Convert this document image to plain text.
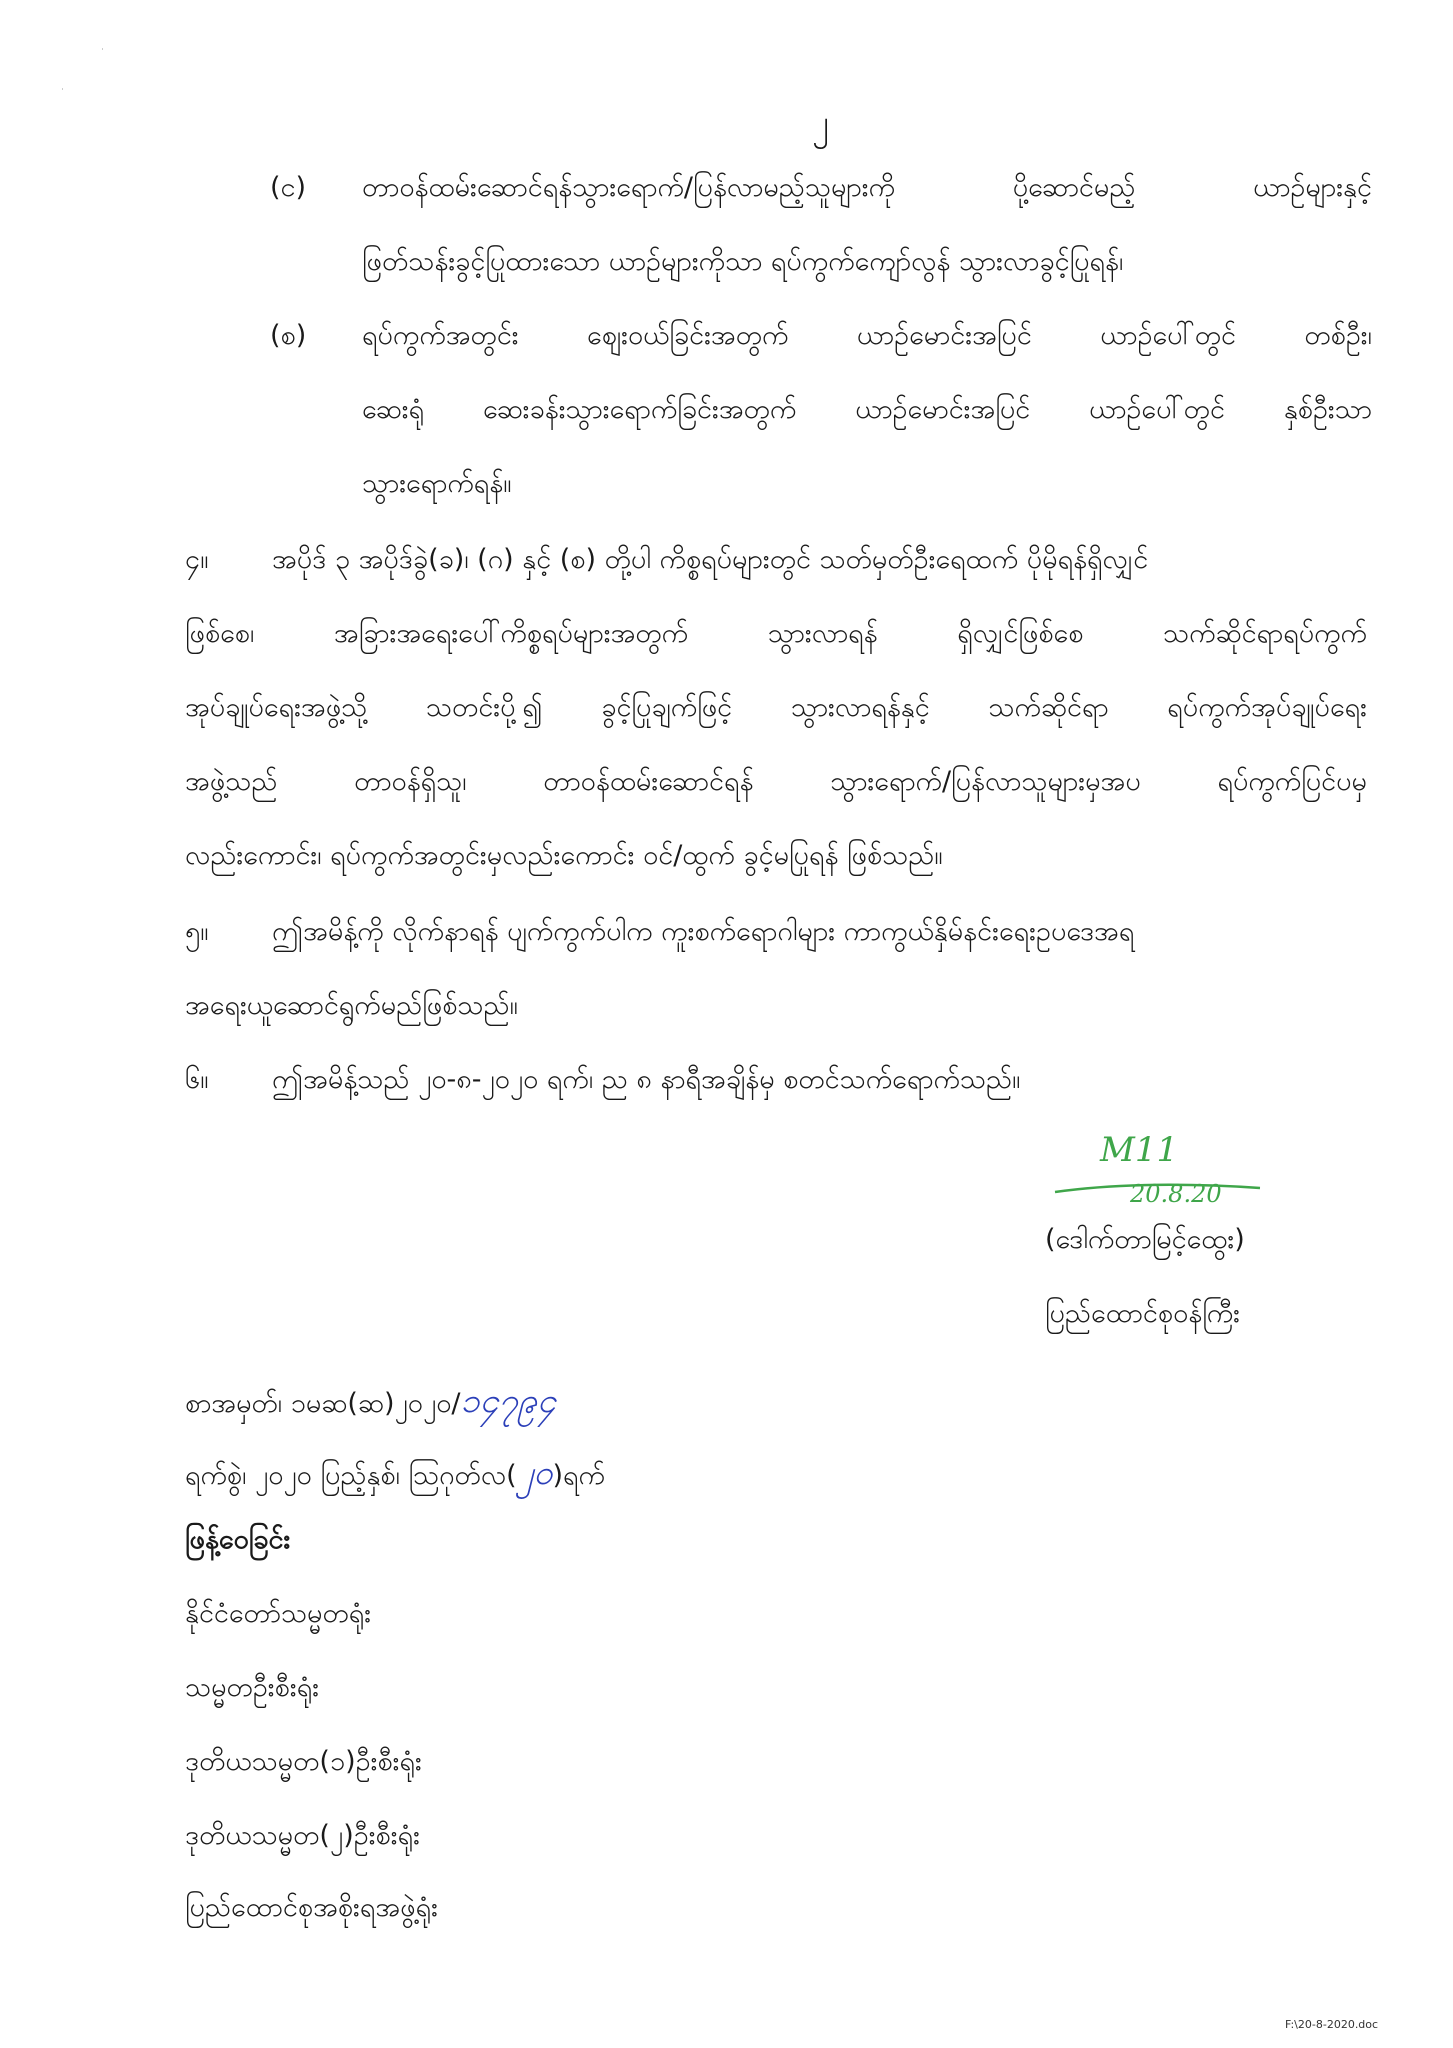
˙
˙
၂
(င) တာဝန်ထမ်းဆောင်ရန်သွားရောက်/ပြန်လာမည့်သူများကို	ပို့ဆောင်မည့်	ယာဉ်များနှင့်
ဖြတ်သန်းခွင့်ပြုထားသော ယာဉ်များကိုသာ ရပ်ကွက်ကျော်လွန် သွားလာခွင့်ပြုရန်၊
(စ) ရပ်ကွက်အတွင်း	စျေးဝယ်ခြင်းအတွက်	ယာဉ်မောင်းအပြင်	ယာဉ်ပေါ်တွင်	တစ်ဦး၊
ဆေးရုံ ဆေးခန်းသွားရောက်ခြင်းအတွက် ယာဉ်မောင်းအပြင် ယာဉ်ပေါ်တွင် နှစ်ဦးသာ
သွားရောက်ရန်။
၄။ အပိုဒ် ၃ အပိုဒ်ခွဲ(ခ)၊ (ဂ) နှင့် (စ) တို့ပါ ကိစ္စရပ်များတွင် သတ်မှတ်ဦးရေထက် ပိုမိုရန်ရှိလျှင်
ဖြစ်စေ၊	အခြားအရေးပေါ်ကိစ္စရပ်များအတွက်	သွားလာရန်	ရှိလျှင်ဖြစ်စေ	သက်ဆိုင်ရာရပ်ကွက်
အုပ်ချုပ်ရေးအဖွဲ့သို့ သတင်းပို့၍ ခွင့်ပြုချက်ဖြင့် သွားလာရန်နှင့် သက်ဆိုင်ရာ ရပ်ကွက်အုပ်ချုပ်ရေး
အဖွဲ့သည်	တာဝန်ရှိသူ၊	တာဝန်ထမ်းဆောင်ရန်	သွားရောက်/ပြန်လာသူများမှအပ	ရပ်ကွက်ပြင်ပမှ
လည်းကောင်း၊ ရပ်ကွက်အတွင်းမှလည်းကောင်း ဝင်/ထွက် ခွင့်မပြုရန် ဖြစ်သည်။
၅။ ဤအမိန့်ကို လိုက်နာရန် ပျက်ကွက်ပါက ကူးစက်ရောဂါများ ကာကွယ်နှိမ်နင်းရေးဥပဒေအရ
အရေးယူဆောင်ရွက်မည်ဖြစ်သည်။
၆။ ဤအမိန့်သည် ၂၀-၈-၂၀၂၀ ရက်၊ ည ၈ နာရီအချိန်မှ စတင်သက်ရောက်သည်။
M11
20.8.20
(ဒေါက်တာမြင့်ထွေး)
ပြည်ထောင်စုဝန်ကြီး
စာအမှတ်၊ ၁မဆ(ဆ)၂၀၂၀/၁၄၇၉၄
ရက်စွဲ၊ ၂၀၂၀ ပြည့်နှစ်၊ ဩဂုတ်လ(၂၀)ရက်
ဖြန့်ဝေခြင်း
နိုင်ငံတော်သမ္မတရုံး
သမ္မတဦးစီးရုံး
ဒုတိယသမ္မတ(၁)ဦးစီးရုံး
ဒုတိယသမ္မတ(၂)ဦးစီးရုံး
ပြည်ထောင်စုအစိုးရအဖွဲ့ရုံး
F:\20-8-2020.doc
